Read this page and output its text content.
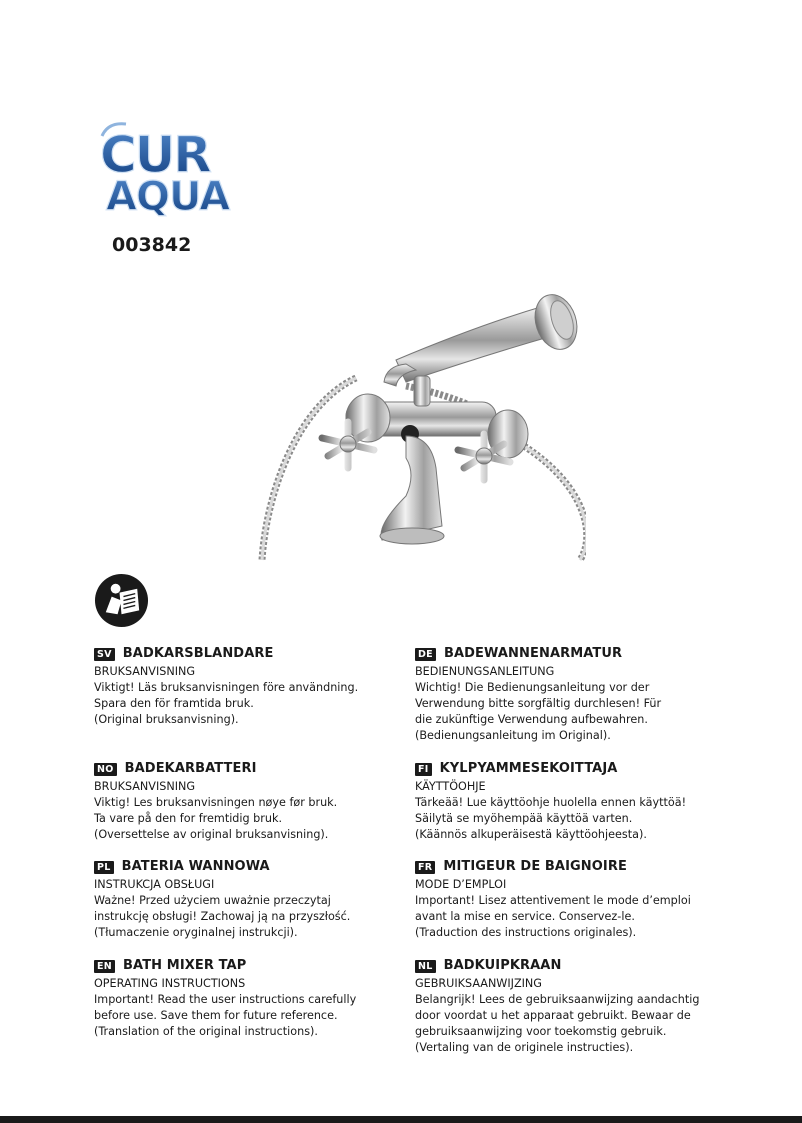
CUR
AQUA
003842
SV BADKARSBLANDARE
BRUKSANVISNING
Viktigt! Läs bruksanvisningen före användning.
Spara den för framtida bruk.
(Original bruksanvisning).
DE BADEWANNENARMATUR
BEDIENUNGSANLEITUNG
Wichtig! Die Bedienungsanleitung vor der
Verwendung bitte sorgfältig durchlesen! Für
die zukünftige Verwendung aufbewahren.
(Bedienungsanleitung im Original).
NO BADEKARBATTERI
BRUKSANVISNING
Viktig! Les bruksanvisningen nøye før bruk.
Ta vare på den for fremtidig bruk.
(Oversettelse av original bruksanvisning).
FI KYLPYAMMESEKOITTAJA
KÄYTTÖOHJE
Tärkeää! Lue käyttöohje huolella ennen käyttöä!
Säilytä se myöhempää käyttöä varten.
(Käännös alkuperäisestä käyttöohjeesta).
PL BATERIA WANNOWA
INSTRUKCJA OBSŁUGI
Ważne! Przed użyciem uważnie przeczytaj
instrukcję obsługi! Zachowaj ją na przyszłość.
(Tłumaczenie oryginalnej instrukcji).
FR MITIGEUR DE BAIGNOIRE
MODE D’EMPLOI
Important! Lisez attentivement le mode d’emploi
avant la mise en service. Conservez-le.
(Traduction des instructions originales).
EN BATH MIXER TAP
OPERATING INSTRUCTIONS
Important! Read the user instructions carefully
before use. Save them for future reference.
(Translation of the original instructions).
NL BADKUIPKRAAN
GEBRUIKSAANWIJZING
Belangrijk! Lees de gebruiksaanwijzing aandachtig
door voordat u het apparaat gebruikt. Bewaar de
gebruiksaanwijzing voor toekomstig gebruik.
(Vertaling van de originele instructies).
